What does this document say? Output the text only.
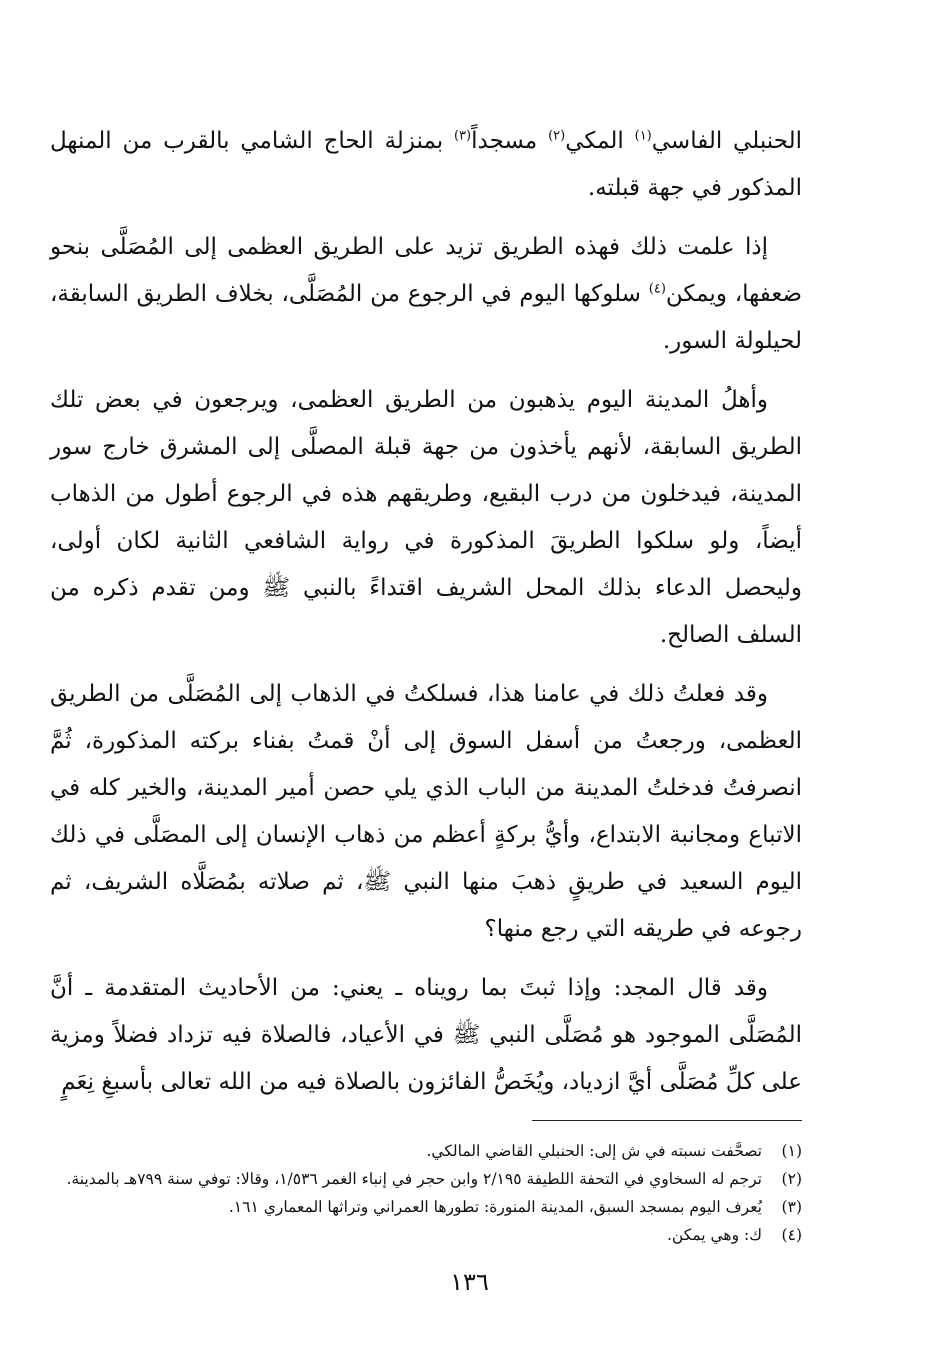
الحنبلي الفاسي$^{(١)}$ المكي$^{(٢)}$ مسجداً$^{(٣)}$ بمنزلة الحاج الشامي بالقرب من المنهل المذكور في جهة قبلته.

إذا علمت ذلك فهذه الطريق تزيد على الطريق العظمى إلى المُصَلَّى بنحو ضعفها، ويمكن$^{(٤)}$ سلوكها اليوم في الرجوع من المُصَلَّى، بخلاف الطريق السابقة، لحيلولة السور.

وأهلُ المدينة اليوم يذهبون من الطريق العظمى، ويرجعون في بعض تلك الطريق السابقة، لأنهم يأخذون من جهة قبلة المصلَّى إلى المشرق خارج سور المدينة، فيدخلون من درب البقيع، وطريقهم هذه في الرجوع أطول من الذهاب أيضاً، ولو سلكوا الطريقَ المذكورة في رواية الشافعي الثانية لكان أولى، وليحصل الدعاء بذلك المحل الشريف اقتداءً بالنبي ﷺ ومن تقدم ذكره من السلف الصالح.

وقد فعلتُ ذلك في عامنا هذا، فسلكتُ في الذهاب إلى المُصَلَّى من الطريق العظمى، ورجعتُ من أسفل السوق إلى أنْ قمتُ بفناء بركته المذكورة، ثُمَّ انصرفتُ فدخلتُ المدينة من الباب الذي يلي حصن أمير المدينة، والخير كله في الاتباع ومجانبة الابتداع، وأيُّ بركةٍ أعظم من ذهاب الإنسان إلى المصَلَّى في ذلك اليوم السعيد في طريقٍ ذهبَ منها النبي ﷺ، ثم صلاته بمُصَلَّاه الشريف، ثم رجوعه في طريقه التي رجع منها؟

وقد قال المجد: وإذا ثبتَ بما رويناه ـ يعني: من الأحاديث المتقدمة ـ أنَّ المُصَلَّى الموجود هو مُصَلَّى النبي ﷺ في الأعياد، فالصلاة فيه تزداد فضلاً ومزية على كلِّ مُصَلَّى أيَّ ازدياد، ويُخَصُّ الفائزون بالصلاة فيه من الله تعالى بأسبغِ نِعَمٍ

(١)
تصحَّفت نسبته في ش إلى: الحنبلي القاضي المالكي.
(٢)
ترجم له السخاوي في التحفة اللطيفة ٢/١٩٥ وابن حجر في إنباء الغمر ١/٥٣٦، وقالا: توفي سنة ٧٩٩هـ بالمدينة.
(٣)
يُعرف اليوم بمسجد السبق، المدينة المنورة: تطورها العمراني وتراثها المعماري ١٦١.
(٤)
ك: وهي يمكن.
١٣٦
